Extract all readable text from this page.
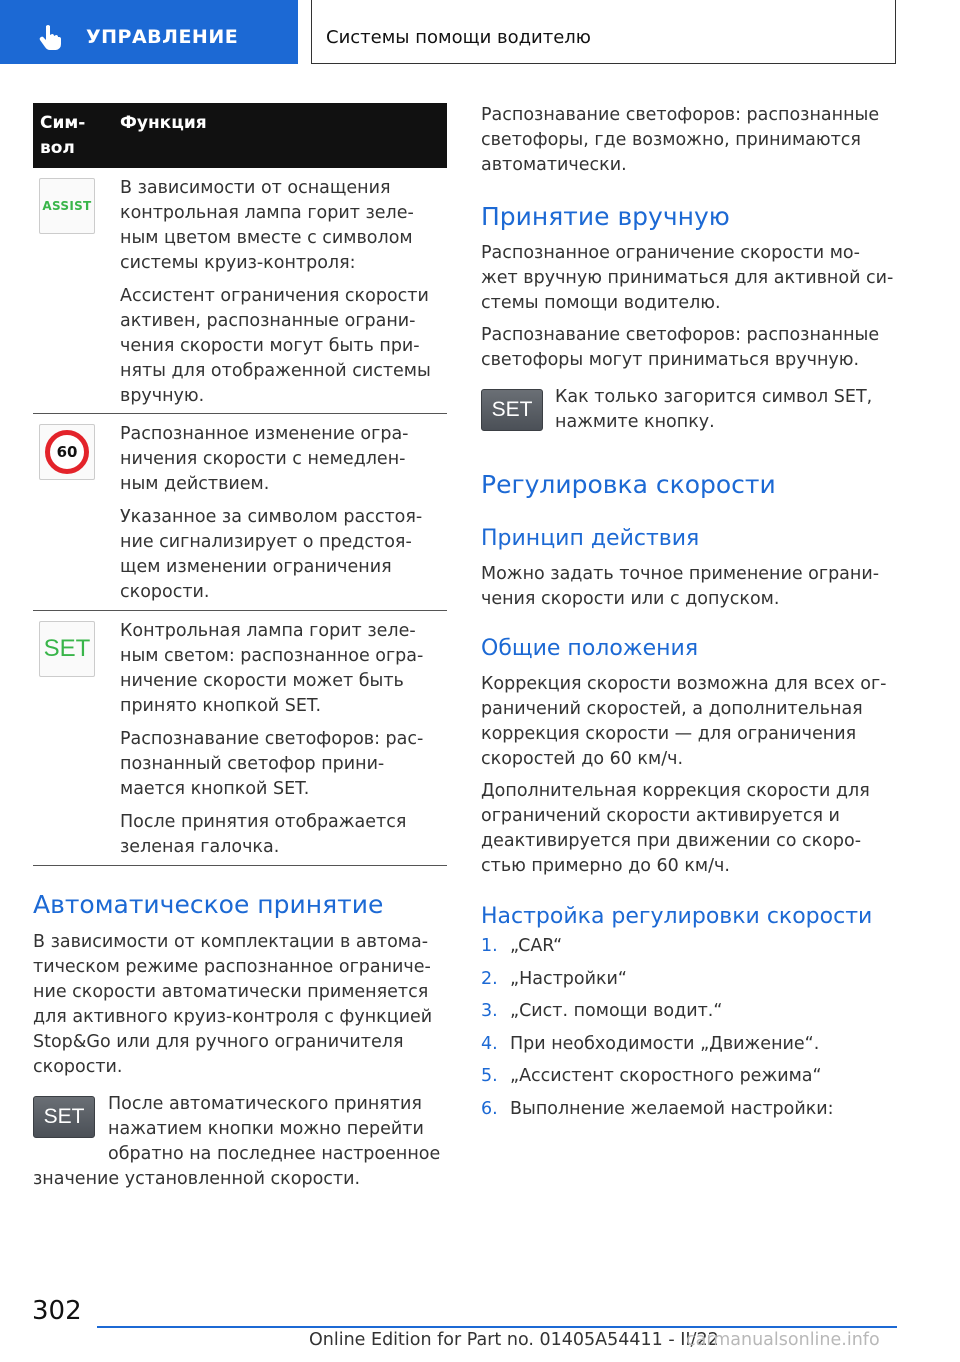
УПРАВЛЕНИЕ	Системы помощи водителю
Сим-
вол
Функция
ASSIST

В зависимости от оснащения контрольная лампа горит зеле- ным цветом вместе с символом системы круиз-контроля:

Ассистент ограничения скорости активен, распознанные ограни- чения скорости могут быть при- няты для отображенной системы вручную.

60

Распознанное изменение огра- ничения скорости с немедлен- ным действием.

Указанное за символом расстоя- ние сигнализирует о предстоя- щем изменении ограничения скорости.

SET

Контрольная лампа горит зеле- ным светом: распознанное огра- ничение скорости может быть принято кнопкой SET.

Распознавание светофоров: рас- познанный светофор прини- мается кнопкой SET.

После принятия отображается зеленая галочка.

Автоматическое принятие
В зависимости от комплектации в автома- тическом режиме распознанное ограниче- ние скорости автоматически применяется для активного круиз-контроля с функцией Stop&Go или для ручного ограничителя скорости.
SET
После автоматического принятия
нажатием кнопки можно перейти
обратно на последнее настроенное
значение установленной скорости.
Распознавание светофоров: распознанные светофоры, где возможно, принимаются автоматически.
Принятие вручную
Распознанное ограничение скорости мо- жет вручную приниматься для активной си- стемы помощи водителю.
Распознавание светофоров: распознанные светофоры могут приниматься вручную.
SET
Как только загорится символ SET, нажмите кнопку.
Регулировка скорости
Принцип действия
Можно задать точное применение ограни- чения скорости или с допуском.
Общие положения
Коррекция скорости возможна для всех ог- раничений скоростей, а дополнительная коррекция скорости — для ограничения скоростей до 60 км/ч.
Дополнительная коррекция скорости для ограничений скорости активируется и деактивируется при движении со скоро- стью примерно до 60 км/ч.
Настройка регулировки скорости
1. „CAR“
2. „Настройки“
3. „Сист. помощи водит.“
4. При необходимости „Движение“.
5. „Ассистент скоростного режима“
6. Выполнение желаемой настройки:
302
Online Edition for Part no. 01405A54411 - II/22
carmanualsonline.info
